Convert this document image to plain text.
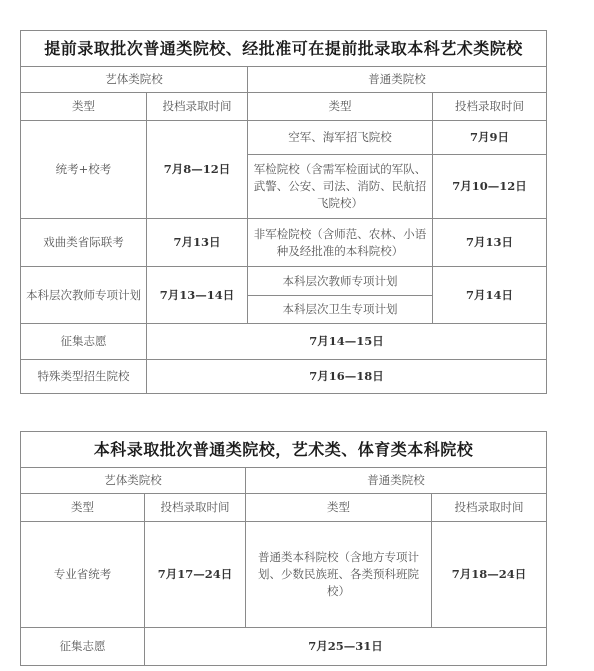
提前录取批次普通类院校、经批准可在提前批录取本科艺术类院校			
艺体类院校		普通类院校	
类型	投档录取时间	类型	投档录取时间
统考+校考	7月8—12日	空军、海军招飞院校	7月9日
		军检院校（含需军检面试的军队、武警、公安、司法、消防、民航招飞院校）	7月10—12日
戏曲类省际联考	7月13日	非军检院校（含师范、农林、小语种及经批准的本科院校）	7月13日
本科层次教师专项计划	7月13—14日	本科层次教师专项计划	7月14日
		本科层次卫生专项计划	
征集志愿	7月14—15日		
特殊类型招生院校	7月16—18日		
本科录取批次普通类院校，艺术类、体育类本科院校			
艺体类院校		普通类院校	
类型	投档录取时间	类型	投档录取时间
专业省统考	7月17—24日	普通类本科院校（含地方专项计划、少数民族班、各类预科班院校）	7月18—24日
征集志愿	7月25—31日		
